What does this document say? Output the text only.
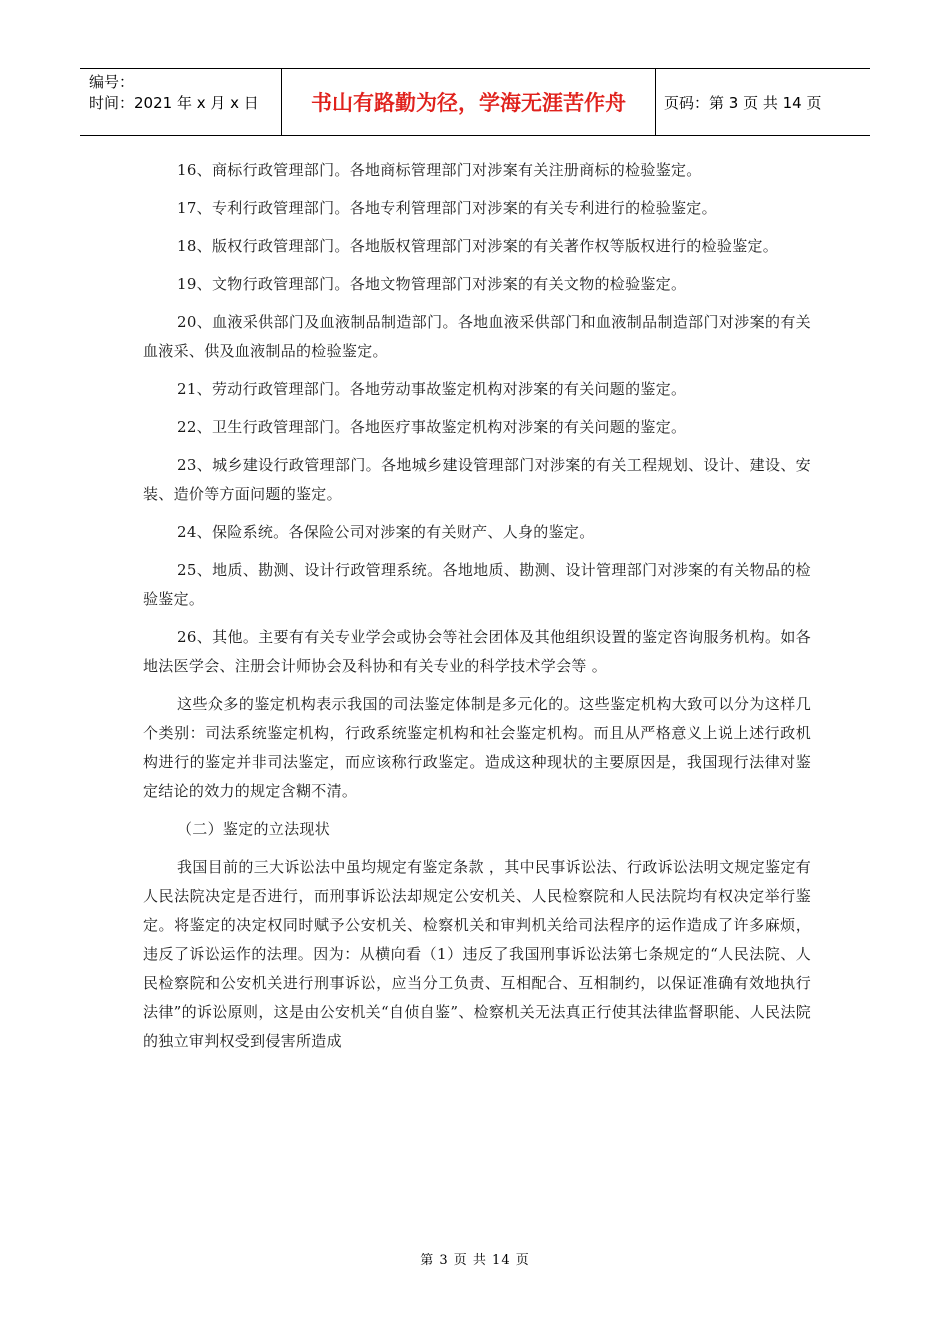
编号：
时间：2021 年 x 月 x 日	书山有路勤为径，学海无涯苦作舟	页码：第 3 页 共 14 页

16、商标行政管理部门。各地商标管理部门对涉案有关注册商标的检验鉴定。

17、专利行政管理部门。各地专利管理部门对涉案的有关专利进行的检验鉴定。

18、版权行政管理部门。各地版权管理部门对涉案的有关著作权等版权进行的检验鉴定。

19、文物行政管理部门。各地文物管理部门对涉案的有关文物的检验鉴定。

20、血液采供部门及血液制品制造部门。各地血液采供部门和血液制品制造部门对涉案的有关血液采、供及血液制品的检验鉴定。

21、劳动行政管理部门。各地劳动事故鉴定机构对涉案的有关问题的鉴定。

22、卫生行政管理部门。各地医疗事故鉴定机构对涉案的有关问题的鉴定。

23、城乡建设行政管理部门。各地城乡建设管理部门对涉案的有关工程规划、设计、建设、安装、造价等方面问题的鉴定。

24、保险系统。各保险公司对涉案的有关财产、人身的鉴定。

25、地质、勘测、设计行政管理系统。各地地质、勘测、设计管理部门对涉案的有关物品的检验鉴定。

26、其他。主要有有关专业学会或协会等社会团体及其他组织设置的鉴定咨询服务机构。如各地法医学会、注册会计师协会及科协和有关专业的科学技术学会等 。

这些众多的鉴定机构表示我国的司法鉴定体制是多元化的。这些鉴定机构大致可以分为这样几个类别：司法系统鉴定机构，行政系统鉴定机构和社会鉴定机构。而且从严格意义上说上述行政机构进行的鉴定并非司法鉴定，而应该称行政鉴定。造成这种现状的主要原因是，我国现行法律对鉴定结论的效力的规定含糊不清。

（二）鉴定的立法现状

我国目前的三大诉讼法中虽均规定有鉴定条款 ，其中民事诉讼法、行政诉讼法明文规定鉴定有人民法院决定是否进行，而刑事诉讼法却规定公安机关、人民检察院和人民法院均有权决定举行鉴定。将鉴定的决定权同时赋予公安机关、检察机关和审判机关给司法程序的运作造成了许多麻烦，违反了诉讼运作的法理。因为：从横向看（1）违反了我国刑事诉讼法第七条规定的“人民法院、人民检察院和公安机关进行刑事诉讼，应当分工负责、互相配合、互相制约，以保证准确有效地执行法律”的诉讼原则，这是由公安机关“自侦自鉴”、检察机关无法真正行使其法律监督职能、人民法院的独立审判权受到侵害所造成

第 3 页 共 14 页
